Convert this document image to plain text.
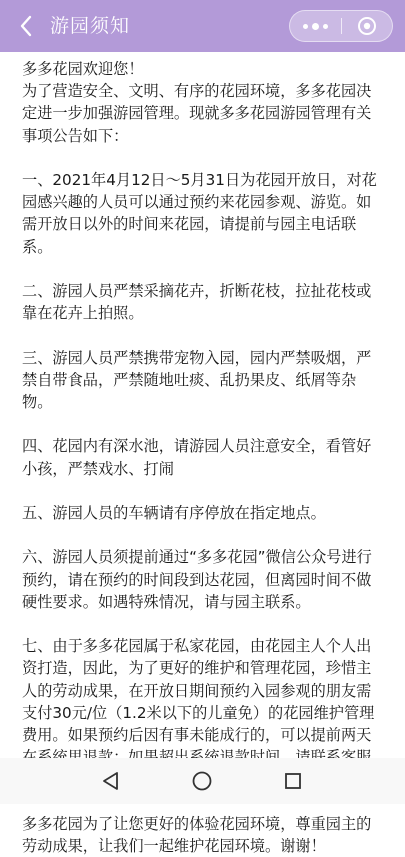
游园须知

多多花园欢迎您！

为了营造安全、文明、有序的花园环境，多多花园决定进一步加强游园管理。现就多多花园游园管理有关事项公告如下：

一、2021年4月12日～5月31日为花园开放日，对花园感兴趣的人员可以通过预约来花园参观、游览。如需开放日以外的时间来花园，请提前与园主电话联系。

二、游园人员严禁采摘花卉，折断花枝，拉扯花枝或靠在花卉上拍照。

三、游园人员严禁携带宠物入园，园内严禁吸烟，严禁自带食品，严禁随地吐痰、乱扔果皮、纸屑等杂物。

四、花园内有深水池，请游园人员注意安全，看管好小孩，严禁戏水、打闹

五、游园人员的车辆请有序停放在指定地点。

六、游园人员须提前通过“多多花园”微信公众号进行预约，请在预约的时间段到达花园，但离园时间不做硬性要求。如遇特殊情况，请与园主联系。

七、由于多多花园属于私家花园，由花园主人个人出资打造，因此，为了更好的维护和管理花园，珍惜主人的劳动成果，在开放日期间预约入园参观的朋友需支付30元/位（1.2米以下的儿童免）的花园维护管理费用。如果预约后因有事未能成行的，可以提前两天

多多花园为了让您更好的体验花园环境，尊重园主的劳动成果，让我们一起维护花园环境。谢谢！
